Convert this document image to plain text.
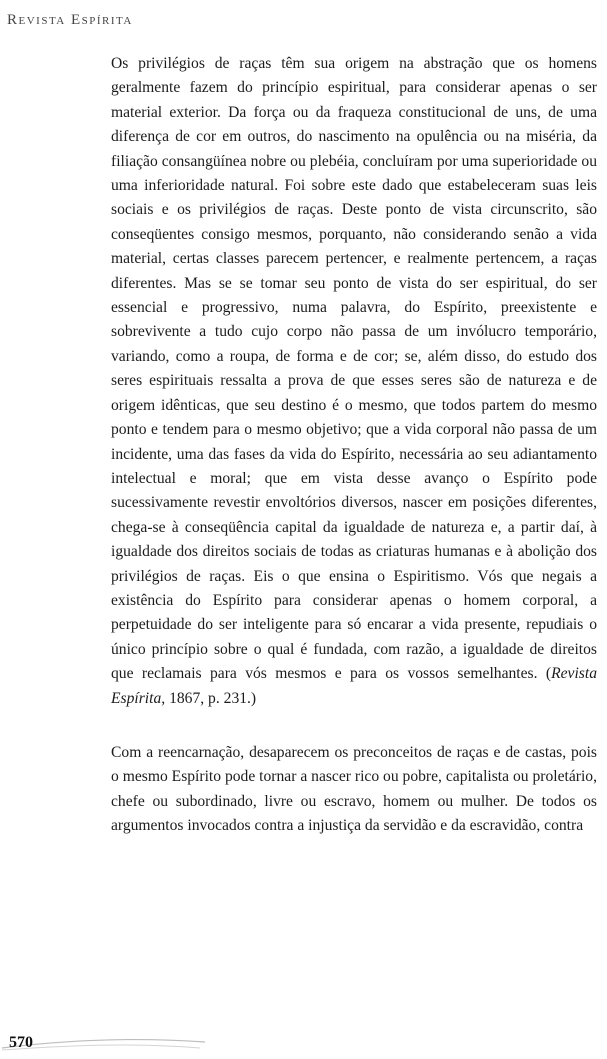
Revista Espírita

Os privilégios de raças têm sua origem na abstração que os homens geralmente fazem do princípio espiritual, para considerar apenas o ser material exterior. Da força ou da fraqueza constitucional de uns, de uma diferença de cor em outros, do nascimento na opulência ou na miséria, da filiação consangüínea nobre ou plebéia, concluíram por uma superioridade ou uma inferioridade natural. Foi sobre este dado que estabeleceram suas leis sociais e os privilégios de raças. Deste ponto de vista circunscrito, são conseqüentes consigo mesmos, porquanto, não considerando senão a vida material, certas classes parecem pertencer, e realmente pertencem, a raças diferentes. Mas se se tomar seu ponto de vista do ser espiritual, do ser essencial e progressivo, numa palavra, do Espírito, preexistente e sobrevivente a tudo cujo corpo não passa de um invólucro temporário, variando, como a roupa, de forma e de cor; se, além disso, do estudo dos seres espirituais ressalta a prova de que esses seres são de natureza e de origem idênticas, que seu destino é o mesmo, que todos partem do mesmo ponto e tendem para o mesmo objetivo; que a vida corporal não passa de um incidente, uma das fases da vida do Espírito, necessária ao seu adiantamento intelectual e moral; que em vista desse avanço o Espírito pode sucessivamente revestir envoltórios diversos, nascer em posições diferentes, chega-se à conseqüência capital da igualdade de natureza e, a partir daí, à igualdade dos direitos sociais de todas as criaturas humanas e à abolição dos privilégios de raças. Eis o que ensina o Espiritismo. Vós que negais a existência do Espírito para considerar apenas o homem corporal, a perpetuidade do ser inteligente para só encarar a vida presente, repudiais o único princípio sobre o qual é fundada, com razão, a igualdade de direitos que reclamais para vós mesmos e para os vossos semelhantes. (Revista Espírita, 1867, p. 231.)

Com a reencarnação, desaparecem os preconceitos de raças e de castas, pois o mesmo Espírito pode tornar a nascer rico ou pobre, capitalista ou proletário, chefe ou subordinado, livre ou escravo, homem ou mulher. De todos os argumentos invocados contra a injustiça da servidão e da escravidão, contra

570
